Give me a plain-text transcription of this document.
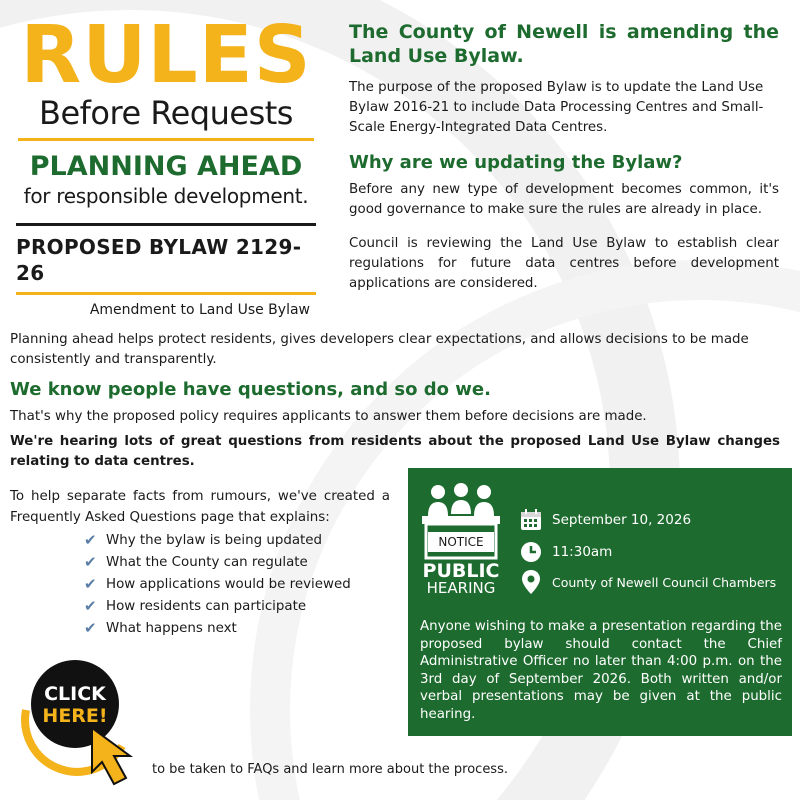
RULES
Before Requests
PLANNING AHEAD
for responsible development.
PROPOSED BYLAW 2129-26
Amendment to Land Use Bylaw
The County of Newell is amending the Land Use Bylaw.
The purpose of the proposed Bylaw is to update the Land Use Bylaw 2016-21 to include Data Processing Centres and Small-Scale Energy-Integrated Data Centres.
Why are we updating the Bylaw?
Before any new type of development becomes common, it's good governance to make sure the rules are already in place.
Council is reviewing the Land Use Bylaw to establish clear regulations for future data centres before development applications are considered.
Planning ahead helps protect residents, gives developers clear expectations, and allows decisions to be made consistently and transparently.
We know people have questions, and so do we.
That's why the proposed policy requires applicants to answer them before decisions are made.
We're hearing lots of great questions from residents about the proposed Land Use Bylaw changes relating to data centres.
To help separate facts from rumours, we've created a Frequently Asked Questions page that explains:
✔ Why the bylaw is being updated
✔ What the County can regulate
✔ How applications would be reviewed
✔ How residents can participate
✔ What happens next
NOTICE
PUBLIC
HEARING
September 10, 2026
11:30am
County of Newell Council Chambers
Anyone wishing to make a presentation regarding the proposed bylaw should contact the Chief Administrative Officer no later than 4:00 p.m. on the 3rd day of September 2026. Both written and/or verbal presentations may be given at the public hearing.
CLICK
HERE!
to be taken to FAQs and learn more about the process.
